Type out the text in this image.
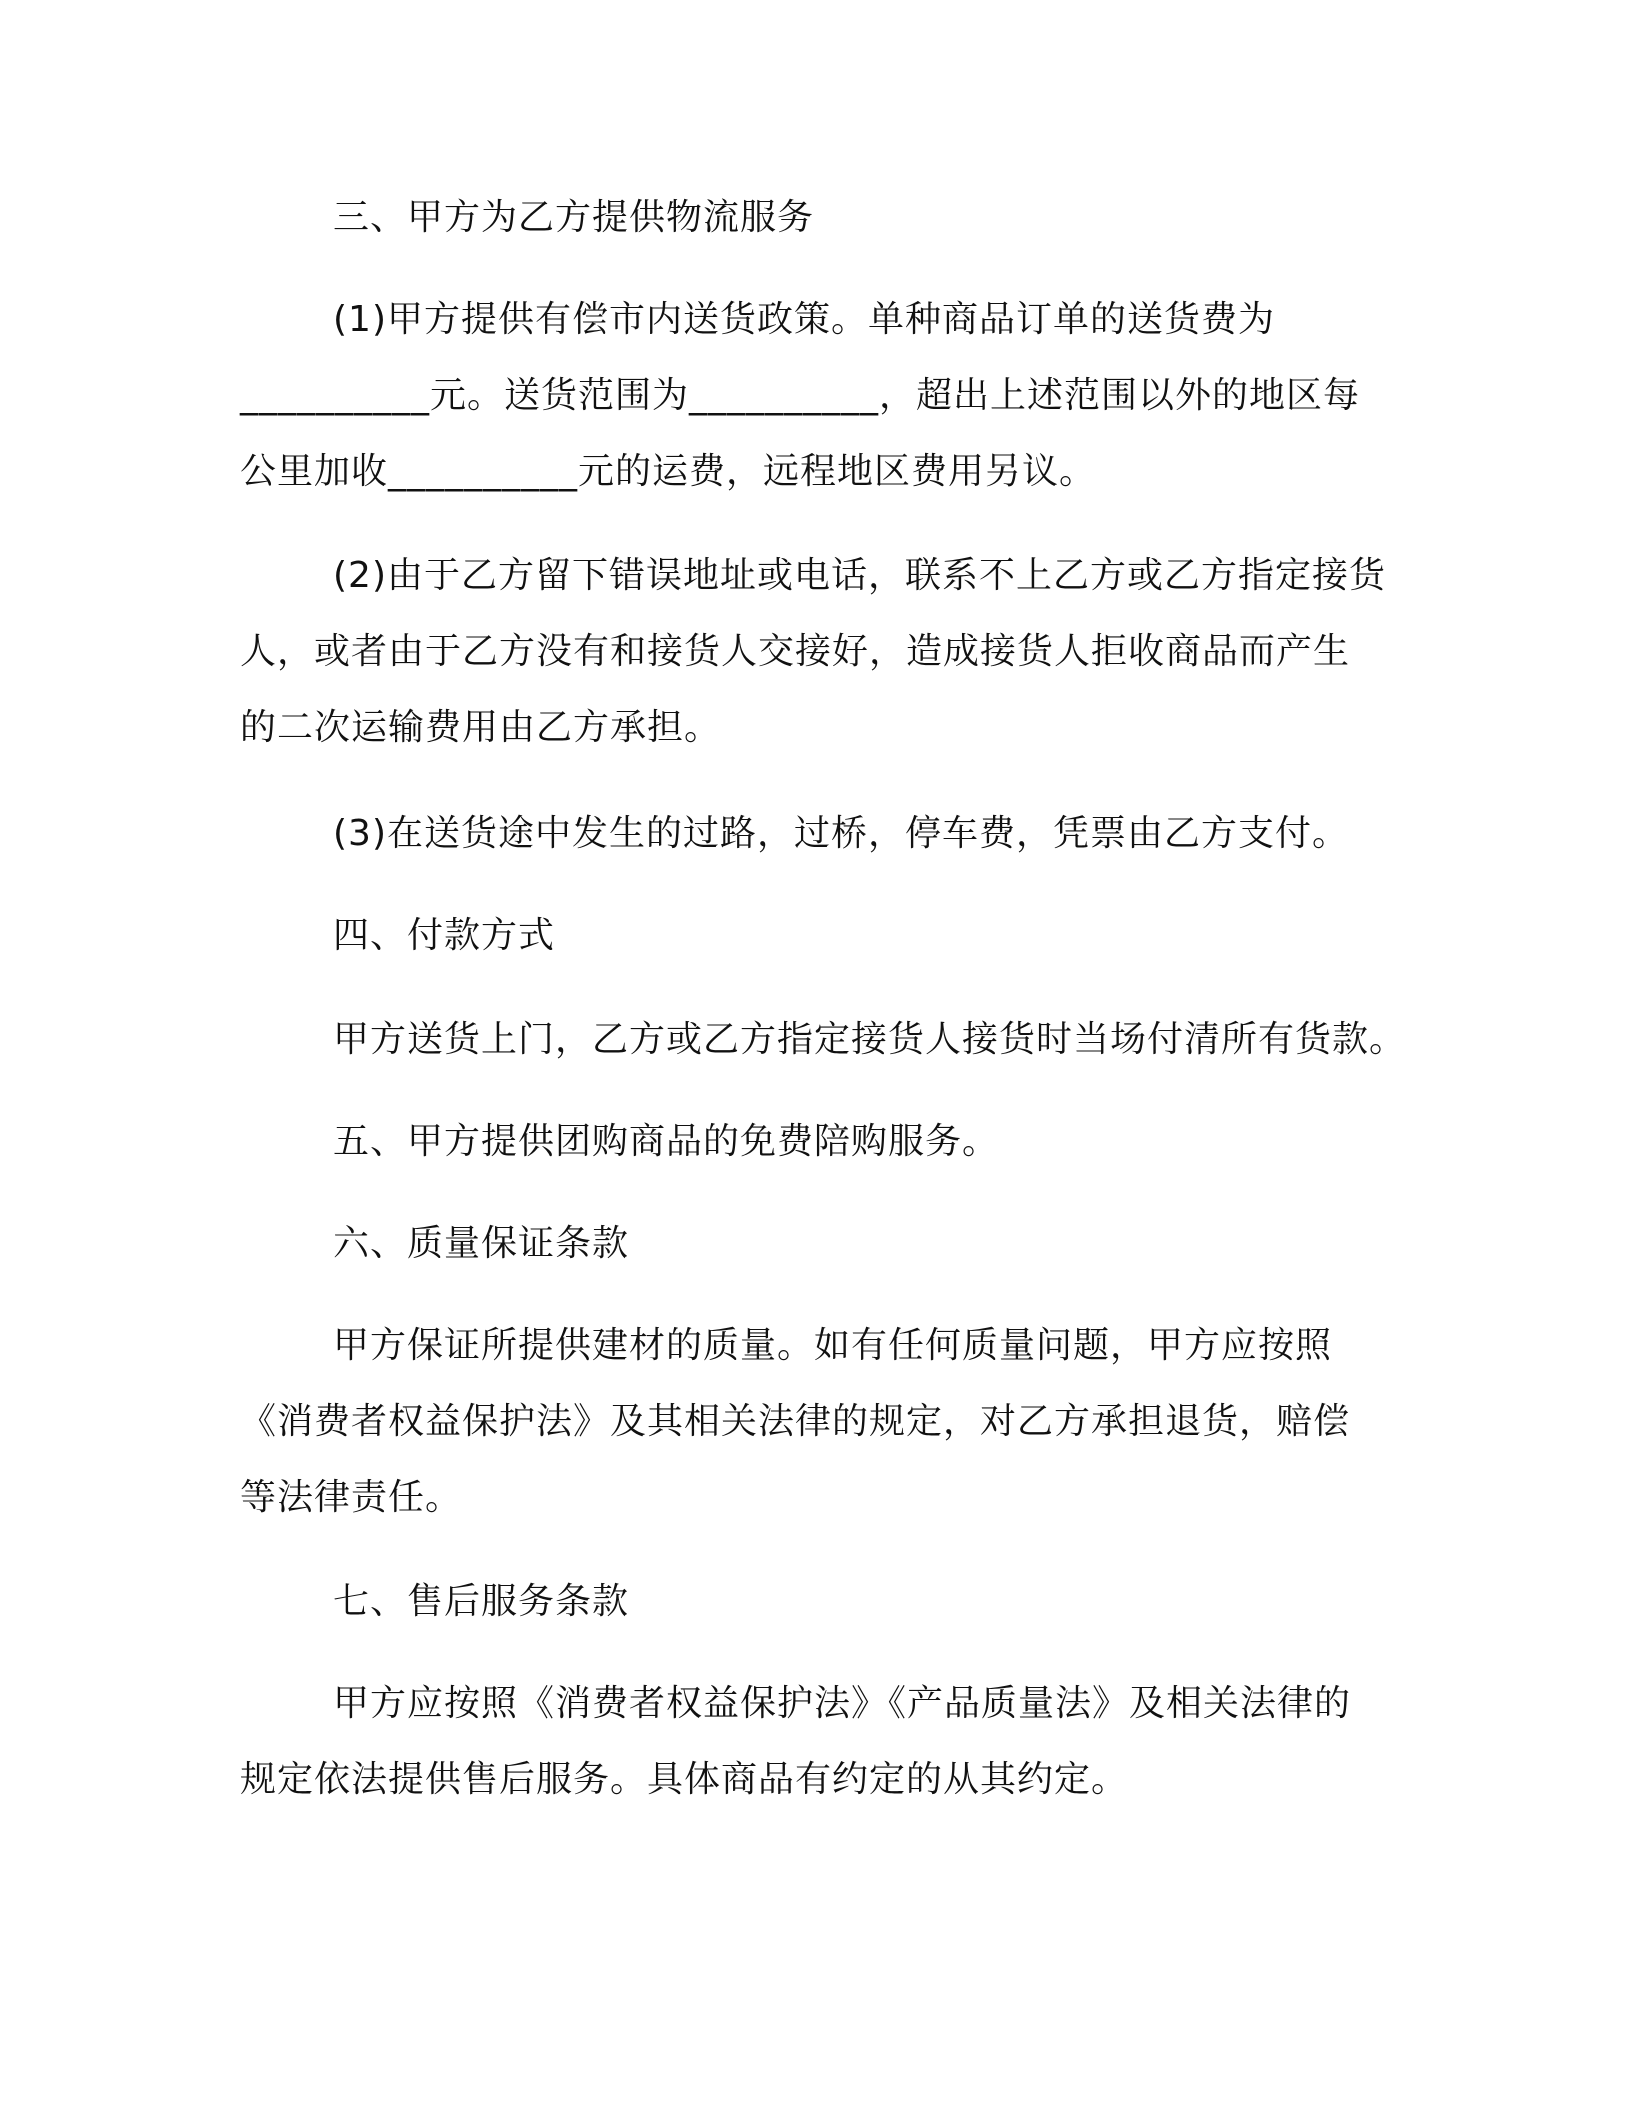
三、甲方为乙方提供物流服务
(1)甲方提供有偿市内送货政策。单种商品订单的送货费为
__________元。送货范围为__________，超出上述范围以外的地区每
公里加收__________元的运费，远程地区费用另议。
(2)由于乙方留下错误地址或电话，联系不上乙方或乙方指定接货
人，或者由于乙方没有和接货人交接好，造成接货人拒收商品而产生
的二次运输费用由乙方承担。
(3)在送货途中发生的过路，过桥，停车费，凭票由乙方支付。
四、付款方式
甲方送货上门，乙方或乙方指定接货人接货时当场付清所有货款。
五、甲方提供团购商品的免费陪购服务。
六、质量保证条款
甲方保证所提供建材的质量。如有任何质量问题，甲方应按照
《消费者权益保护法》及其相关法律的规定，对乙方承担退货，赔偿
等法律责任。
七、售后服务条款
甲方应按照《消费者权益保护法》《产品质量法》及相关法律的
规定依法提供售后服务。具体商品有约定的从其约定。
